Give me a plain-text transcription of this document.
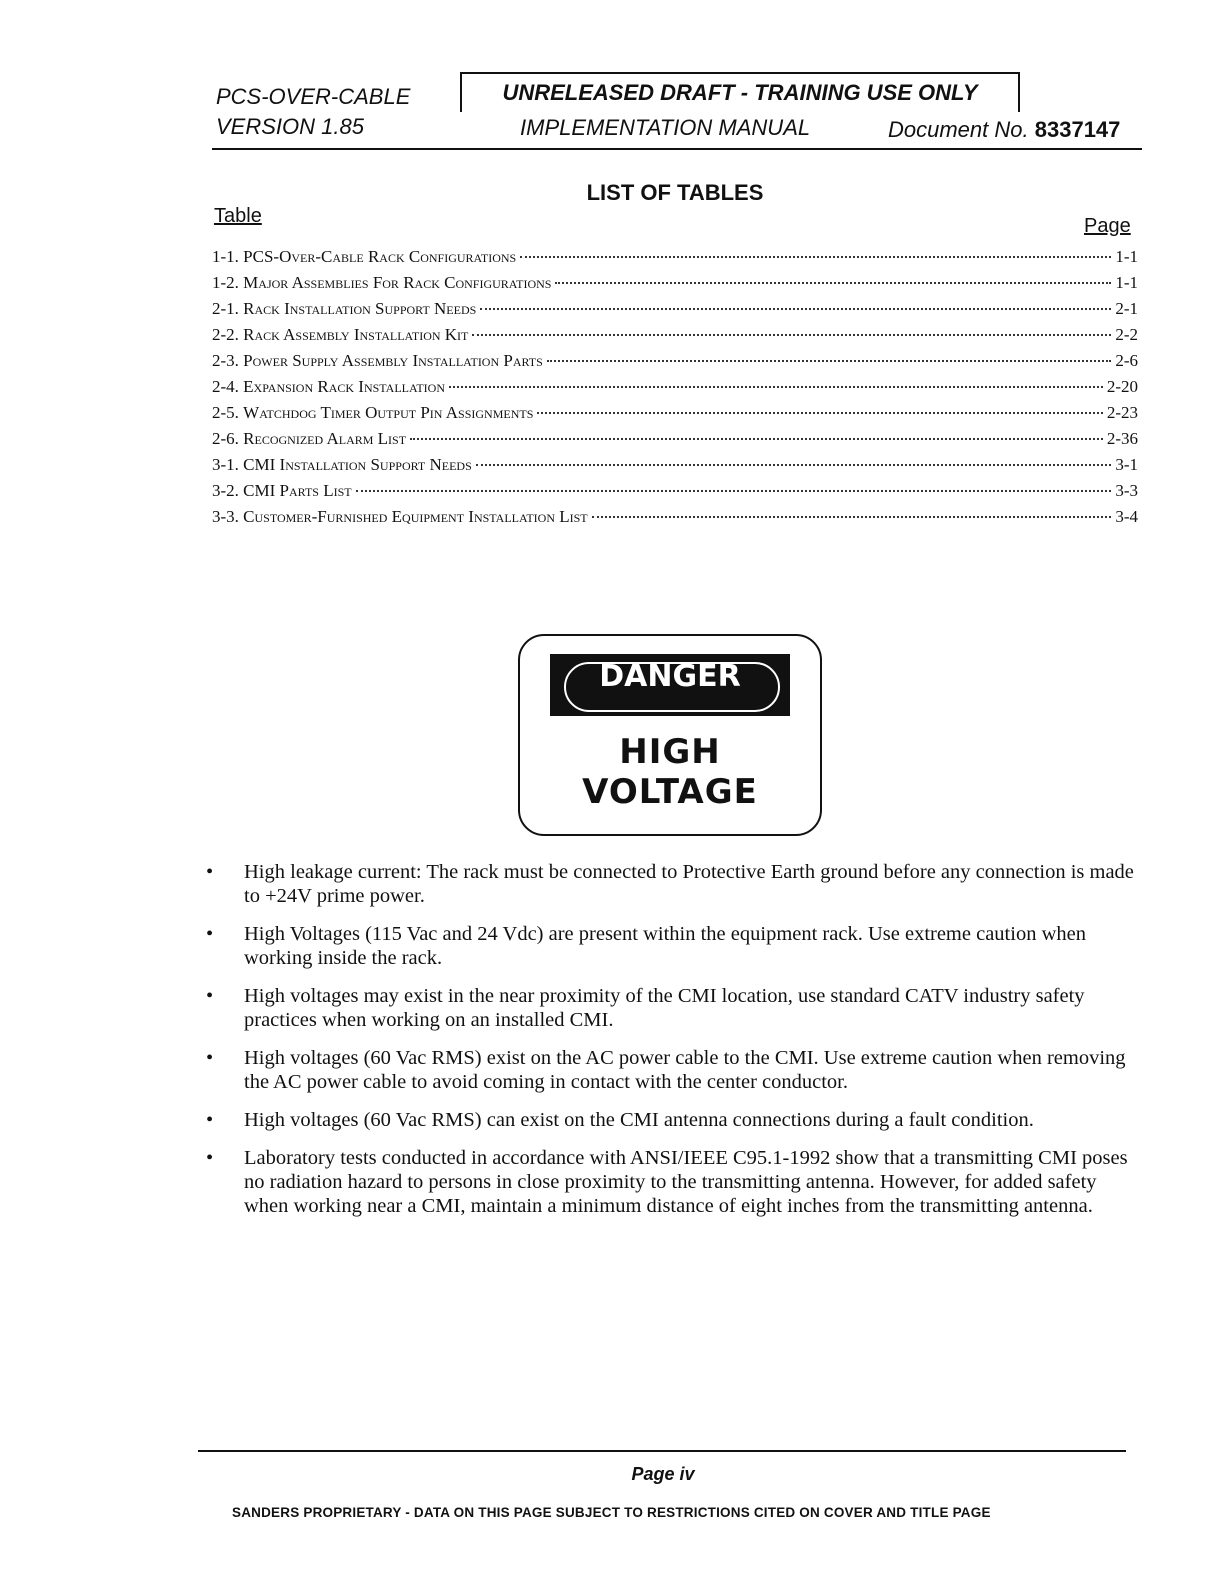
PCS-OVER-CABLE
VERSION 1.85
UNRELEASED DRAFT - TRAINING USE ONLY
IMPLEMENTATION MANUAL	Document No. 8337147
LIST OF TABLES
Table	Page
1-1. PCS-Over-Cable Rack Configurations	1-1
1-2. Major Assemblies For Rack Configurations	1-1
2-1. Rack Installation Support Needs	2-1
2-2. Rack Assembly Installation Kit	2-2
2-3. Power Supply Assembly Installation Parts	2-6
2-4. Expansion Rack Installation	2-20
2-5. Watchdog Timer Output Pin Assignments	2-23
2-6. Recognized Alarm List	2-36
3-1. CMI Installation Support Needs	3-1
3-2. CMI Parts List	3-3
3-3. Customer-Furnished Equipment Installation List	3-4
DANGER
HIGH
VOLTAGE
•	High leakage current: The rack must be connected to Protective Earth ground before any connection is made to +24V prime power.
•	High Voltages (115 Vac and 24 Vdc) are present within the equipment rack. Use extreme caution when working inside the rack.
•	High voltages may exist in the near proximity of the CMI location, use standard CATV industry safety practices when working on an installed CMI.
•	High voltages (60 Vac RMS) exist on the AC power cable to the CMI. Use extreme caution when removing the AC power cable to avoid coming in contact with the center conductor.
•	High voltages (60 Vac RMS) can exist on the CMI antenna connections during a fault condition.
•	Laboratory tests conducted in accordance with ANSI/IEEE C95.1-1992 show that a transmitting CMI poses no radiation hazard to persons in close proximity to the transmitting antenna. However, for added safety when working near a CMI, maintain a minimum distance of eight inches from the transmitting antenna.
Page iv
SANDERS PROPRIETARY - DATA ON THIS PAGE SUBJECT TO RESTRICTIONS CITED ON COVER AND TITLE PAGE
